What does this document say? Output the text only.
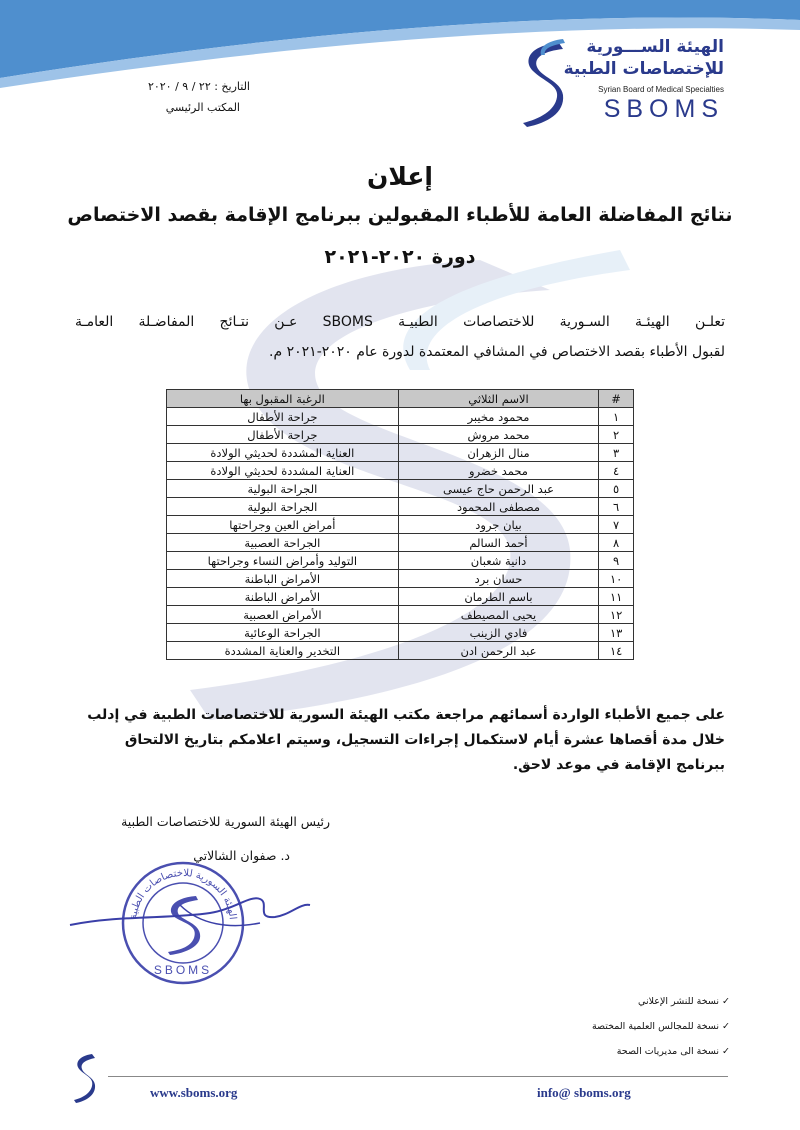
الهيئة الســـورية
للإختصاصات الطبية
Syrian Board of Medical Specialties
SBOMS
التاريخ : ٢٢ / ٩ / ٢٠٢٠
المكتب الرئيسي
إعلان
نتائج المفاضلة العامة للأطباء المقبولين ببرنامج الإقامة بقصد الاختصاص
دورة ٢٠٢٠-٢٠٢١
تعلـن الهيئـة السـورية للاختصاصات الطبيـة SBOMS عـن نتـائج المفاضـلة العامـة
لقبول الأطباء بقصد الاختصاص في المشافي المعتمدة لدورة عام ٢٠٢٠-٢٠٢١ م.
#	الاسم الثلاثي	الرغبة المقبول بها
١	محمود مخيبر	جراحة الأطفال
٢	محمد مروش	جراحة الأطفال
٣	منال الزهران	العناية المشددة لحديثي الولادة
٤	محمد خضرو	العناية المشددة لحديثي الولادة
٥	عبد الرحمن حاج عيسى	الجراحة البولية
٦	مصطفى المحمود	الجراحة البولية
٧	بيان جرود	أمراض العين وجراحتها
٨	أحمد السالم	الجراحة العصبية
٩	دانية شعبان	التوليد وأمراض النساء وجراحتها
١٠	حسان برد	الأمراض الباطنة
١١	باسم الطرمان	الأمراض الباطنة
١٢	يحيى المصيطف	الأمراض العصبية
١٣	فادي الزينب	الجراحة الوعائية
١٤	عبد الرحمن ادن	التخدير والعناية المشددة
على جميع الأطباء الواردة أسمائهم مراجعة مكتب الهيئة السورية للاختصاصات الطبية في إدلب خلال مدة أقصاها عشرة أيام لاستكمال إجراءات التسجيل، وسيتم اعلامكم بتاريخ الالتحاق ببرنامج الإقامة في موعد لاحق.
رئيس الهيئة السورية للاختصاصات الطبية
د. صفوان الشالاتي
الهيئة السورية للاختصاصات الطبية
SBOMS
✓ نسخة للنشر الإعلاني
✓ نسخة للمجالس العلمية المختصة
✓ نسخة الى مديريات الصحة
www.sboms.org	info@ sboms.org
